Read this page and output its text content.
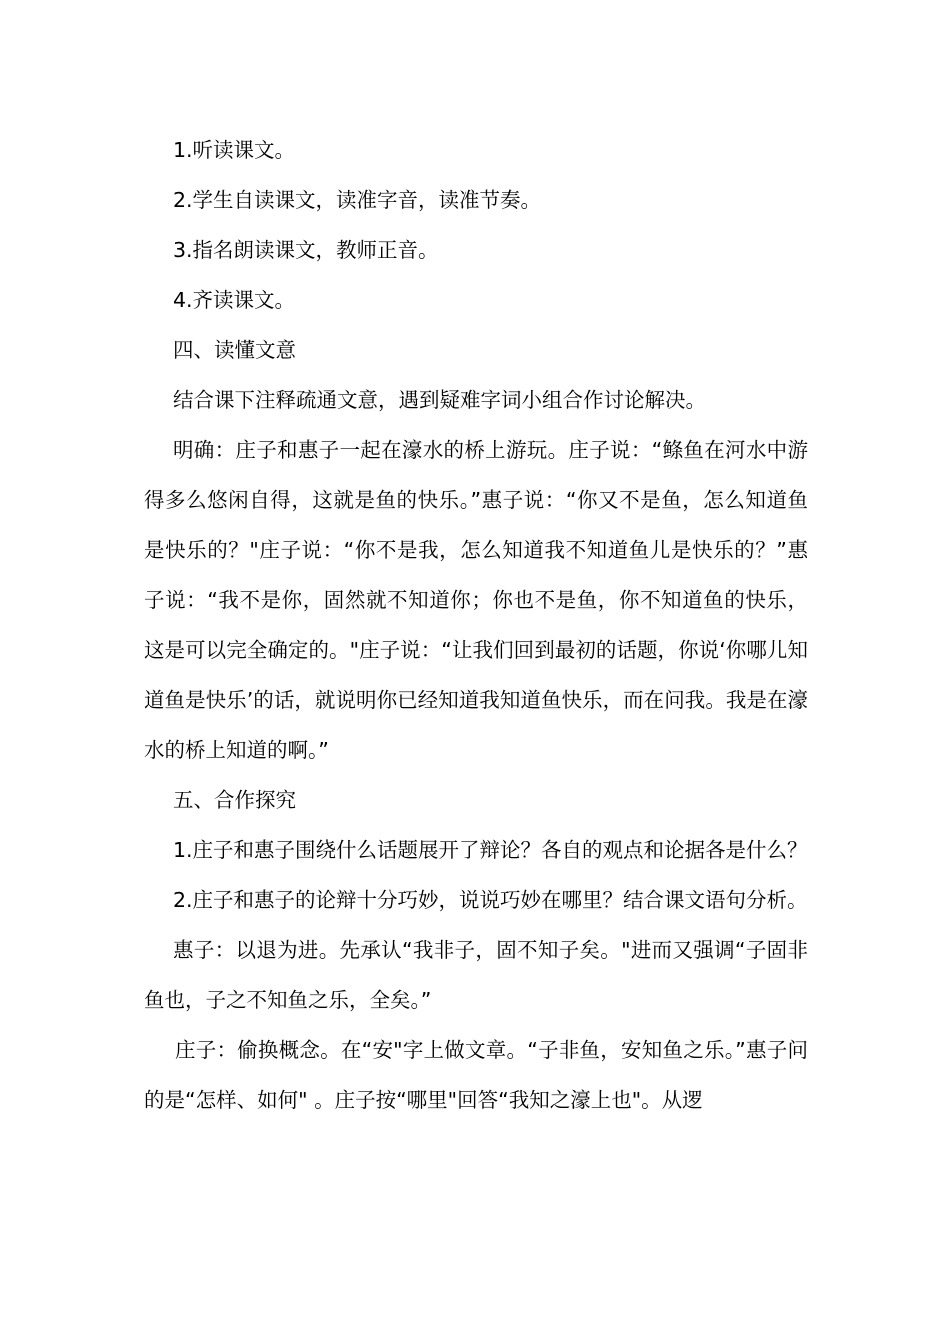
1.听读课文。

2.学生自读课文，读准字音，读准节奏。

3.指名朗读课文，教师正音。

4.齐读课文。

四、读懂文意

结合课下注释疏通文意，遇到疑难字词小组合作讨论解决。

明确：庄子和惠子一起在濠水的桥上游玩。庄子说：“鲦鱼在河水中游得多么悠闲自得，这就是鱼的快乐。”惠子说：“你又不是鱼，怎么知道鱼是快乐的？"庄子说：“你不是我，怎么知道我不知道鱼儿是快乐的？”惠子说：“我不是你，固然就不知道你；你也不是鱼，你不知道鱼的快乐，这是可以完全确定的。"庄子说：“让我们回到最初的话题，你说‘你哪儿知道鱼是快乐’的话，就说明你已经知道我知道鱼快乐，而在问我。我是在濠水的桥上知道的啊。”

五、合作探究

1.庄子和惠子围绕什么话题展开了辩论？各自的观点和论据各是什么？

2.庄子和惠子的论辩十分巧妙，说说巧妙在哪里？结合课文语句分析。

惠子：以退为进。先承认“我非子，固不知子矣。"进而又强调“子固非鱼也，子之不知鱼之乐，全矣。”

庄子：偷换概念。在“安"字上做文章。“子非鱼，安知鱼之乐。”惠子问的是“怎样、如何" 。庄子按“哪里"回答“我知之濠上也"。从逻
